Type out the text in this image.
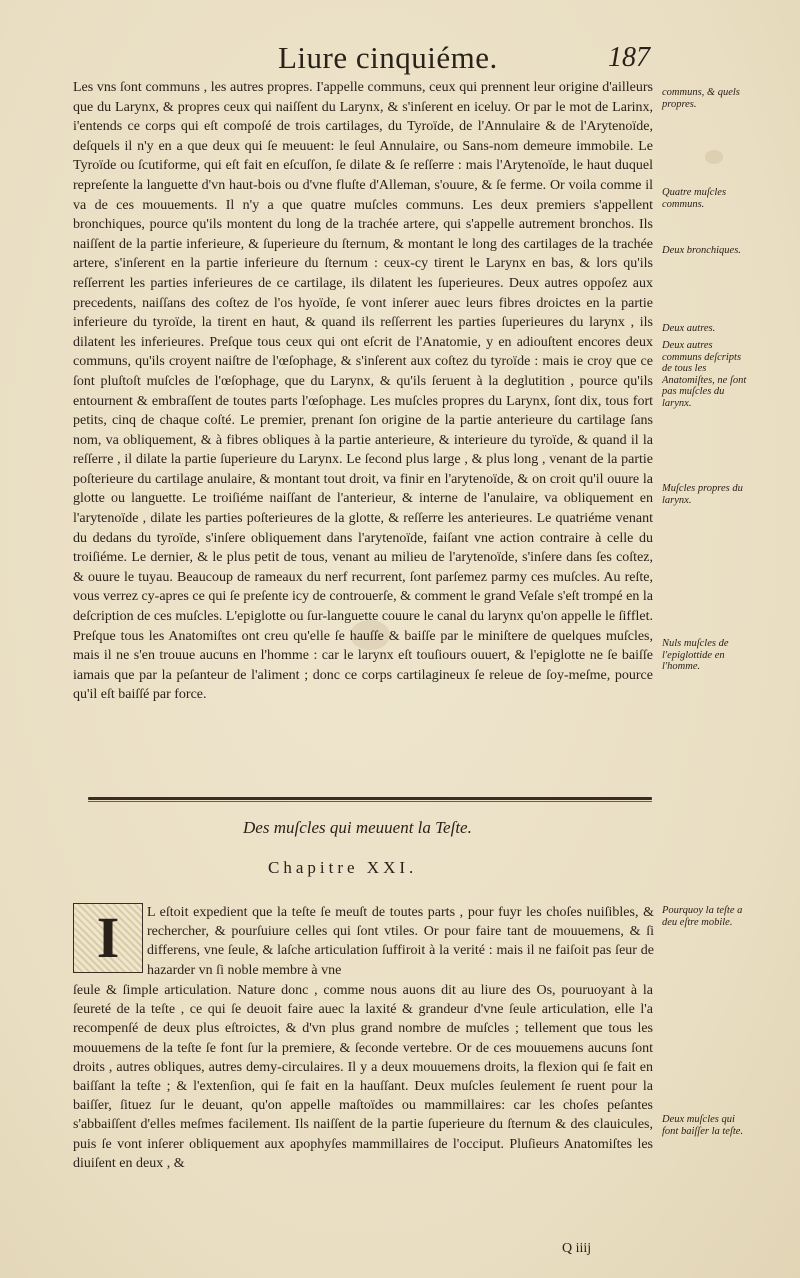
Liure cinquiéme.	187

Les vns ſont communs , les autres propres. I'appelle communs, ceux qui prennent leur origine d'ailleurs que du Larynx, & propres ceux qui naiſſent du Larynx, & s'inſerent en iceluy. Or par le mot de Larinx, i'entends ce corps qui eſt compoſé de trois cartilages, du Tyroïde, de l'Annulaire & de l'Arytenoïde, deſquels il n'y en a que deux qui ſe meuuent: le ſeul Annulaire, ou Sans-nom demeure immobile. Le Tyroïde ou ſcutiforme, qui eſt fait en eſcuſſon, ſe dilate & ſe reſſerre : mais l'Arytenoïde, le haut duquel repreſente la languette d'vn haut-bois ou d'vne fluſte d'Alleman, s'ouure, & ſe ferme. Or voila comme il va de ces mouuements. Il n'y a que quatre muſcles communs. Les deux premiers s'appellent bronchiques, pource qu'ils montent du long de la trachée artere, qui s'appelle autrement bronchos. Ils naiſſent de la partie inferieure, & ſuperieure du ſternum, & montant le long des cartilages de la trachée artere, s'inſerent en la partie inferieure du ſternum : ceux-cy tirent le Larynx en bas, & lors qu'ils reſſerrent les parties inferieures de ce cartilage, ils dilatent les ſuperieures. Deux autres oppoſez aux precedents, naiſſans des coſtez de l'os hyoïde, ſe vont inſerer auec leurs fibres droictes en la partie inferieure du tyroïde, la tirent en haut, & quand ils reſſerrent les parties ſuperieures du larynx , ils dilatent les inferieures. Preſque tous ceux qui ont eſcrit de l'Anatomie, y en adiouſtent encores deux communs, qu'ils croyent naiſtre de l'œſophage, & s'inſerent aux coſtez du tyroïde : mais ie croy que ce ſont pluſtoſt muſcles de l'œſophage, que du Larynx, & qu'ils ſeruent à la deglutition , pource qu'ils entournent & embraſſent de toutes parts l'œſophage. Les muſcles propres du Larynx, ſont dix, tous fort petits, cinq de chaque coſté. Le premier, prenant ſon origine de la partie anterieure du cartilage ſans nom, va obliquement, & à fibres obliques à la partie anterieure, & interieure du tyroïde, & quand il la reſſerre , il dilate la partie ſuperieure du Larynx. Le ſecond plus large , & plus long , venant de la partie poſterieure du cartilage anulaire, & montant tout droit, va finir en l'arytenoïde, & on croit qu'il ouure la glotte ou languette. Le troiſiéme naiſſant de l'anterieur, & interne de l'anulaire, va obliquement en l'arytenoïde , dilate les parties poſterieures de la glotte, & reſſerre les anterieures. Le quatriéme venant du dedans du tyroïde, s'inſere obliquement dans l'arytenoïde, faiſant vne action contraire à celle du troiſiéme. Le dernier, & le plus petit de tous, venant au milieu de l'arytenoïde, s'inſere dans ſes coſtez, & ouure le tuyau. Beaucoup de rameaux du nerf recurrent, ſont parſemez parmy ces muſcles. Au reſte, vous verrez cy-apres ce qui ſe preſente icy de controuerſe, & comment le grand Veſale s'eſt trompé en la deſcription de ces muſcles. L'epiglotte ou ſur-languette couure le canal du larynx qu'on appelle le ſifflet. Preſque tous les Anatomiſtes ont creu qu'elle ſe hauſſe & baiſſe par le miniſtere de quelques muſcles, mais il ne s'en trouue aucuns en l'homme : car le larynx eſt touſiours ouuert, & l'epiglotte ne ſe baiſſe iamais que par la peſanteur de l'aliment ; donc ce corps cartilagineux ſe releue de ſoy-meſme, pource qu'il eſt baiſſé par force.

communs, & quels propres.
Quatre muſcles communs.
Deux bronchiques.
Deux autres.
Deux autres communs deſcripts de tous les Anatomiſtes, ne ſont pas muſcles du larynx.
Muſcles propres du larynx.
Nuls muſcles de l'epiglottide en l'homme.
Pourquoy la teſte a deu eſtre mobile.
Deux muſcles qui font baiſſer la teſte.
Des muſcles qui meuuent la Teſte.
Chapitre XXI.
I	L eſtoit expedient que la teſte ſe meuſt de toutes parts , pour fuyr les choſes nuiſibles, & rechercher, & pourſuiure celles qui ſont vtiles. Or pour faire tant de mouuemens, & ſi differens, vne ſeule, & laſche articulation ſuffiroit à la verité : mais il ne faiſoit pas ſeur de hazarder vn ſi noble membre à vne

ſeule & ſimple articulation. Nature donc , comme nous auons dit au liure des Os, pouruoyant à la ſeureté de la teſte , ce qui ſe deuoit faire auec la laxité & grandeur d'vne ſeule articulation, elle l'a recompenſé de deux plus eſtroictes, & d'vn plus grand nombre de muſcles ; tellement que tous les mouuemens de la teſte ſe font ſur la premiere, & ſeconde vertebre. Or de ces mouuemens aucuns ſont droits , autres obliques, autres demy-circulaires. Il y a deux mouuemens droits, la flexion qui ſe fait en baiſſant la teſte ; & l'extenſion, qui ſe fait en la hauſſant. Deux muſcles ſeulement ſe ruent pour la baiſſer, ſituez ſur le deuant, qu'on appelle maſtoïdes ou mammillaires: car les choſes peſantes s'abbaiſſent d'elles meſmes facilement. Ils naiſſent de la partie ſuperieure du ſternum & des clauicules, puis ſe vont inſerer obliquement aux apophyſes mammillaires de l'occiput. Pluſieurs Anatomiſtes les diuiſent en deux , &

Q iiij
